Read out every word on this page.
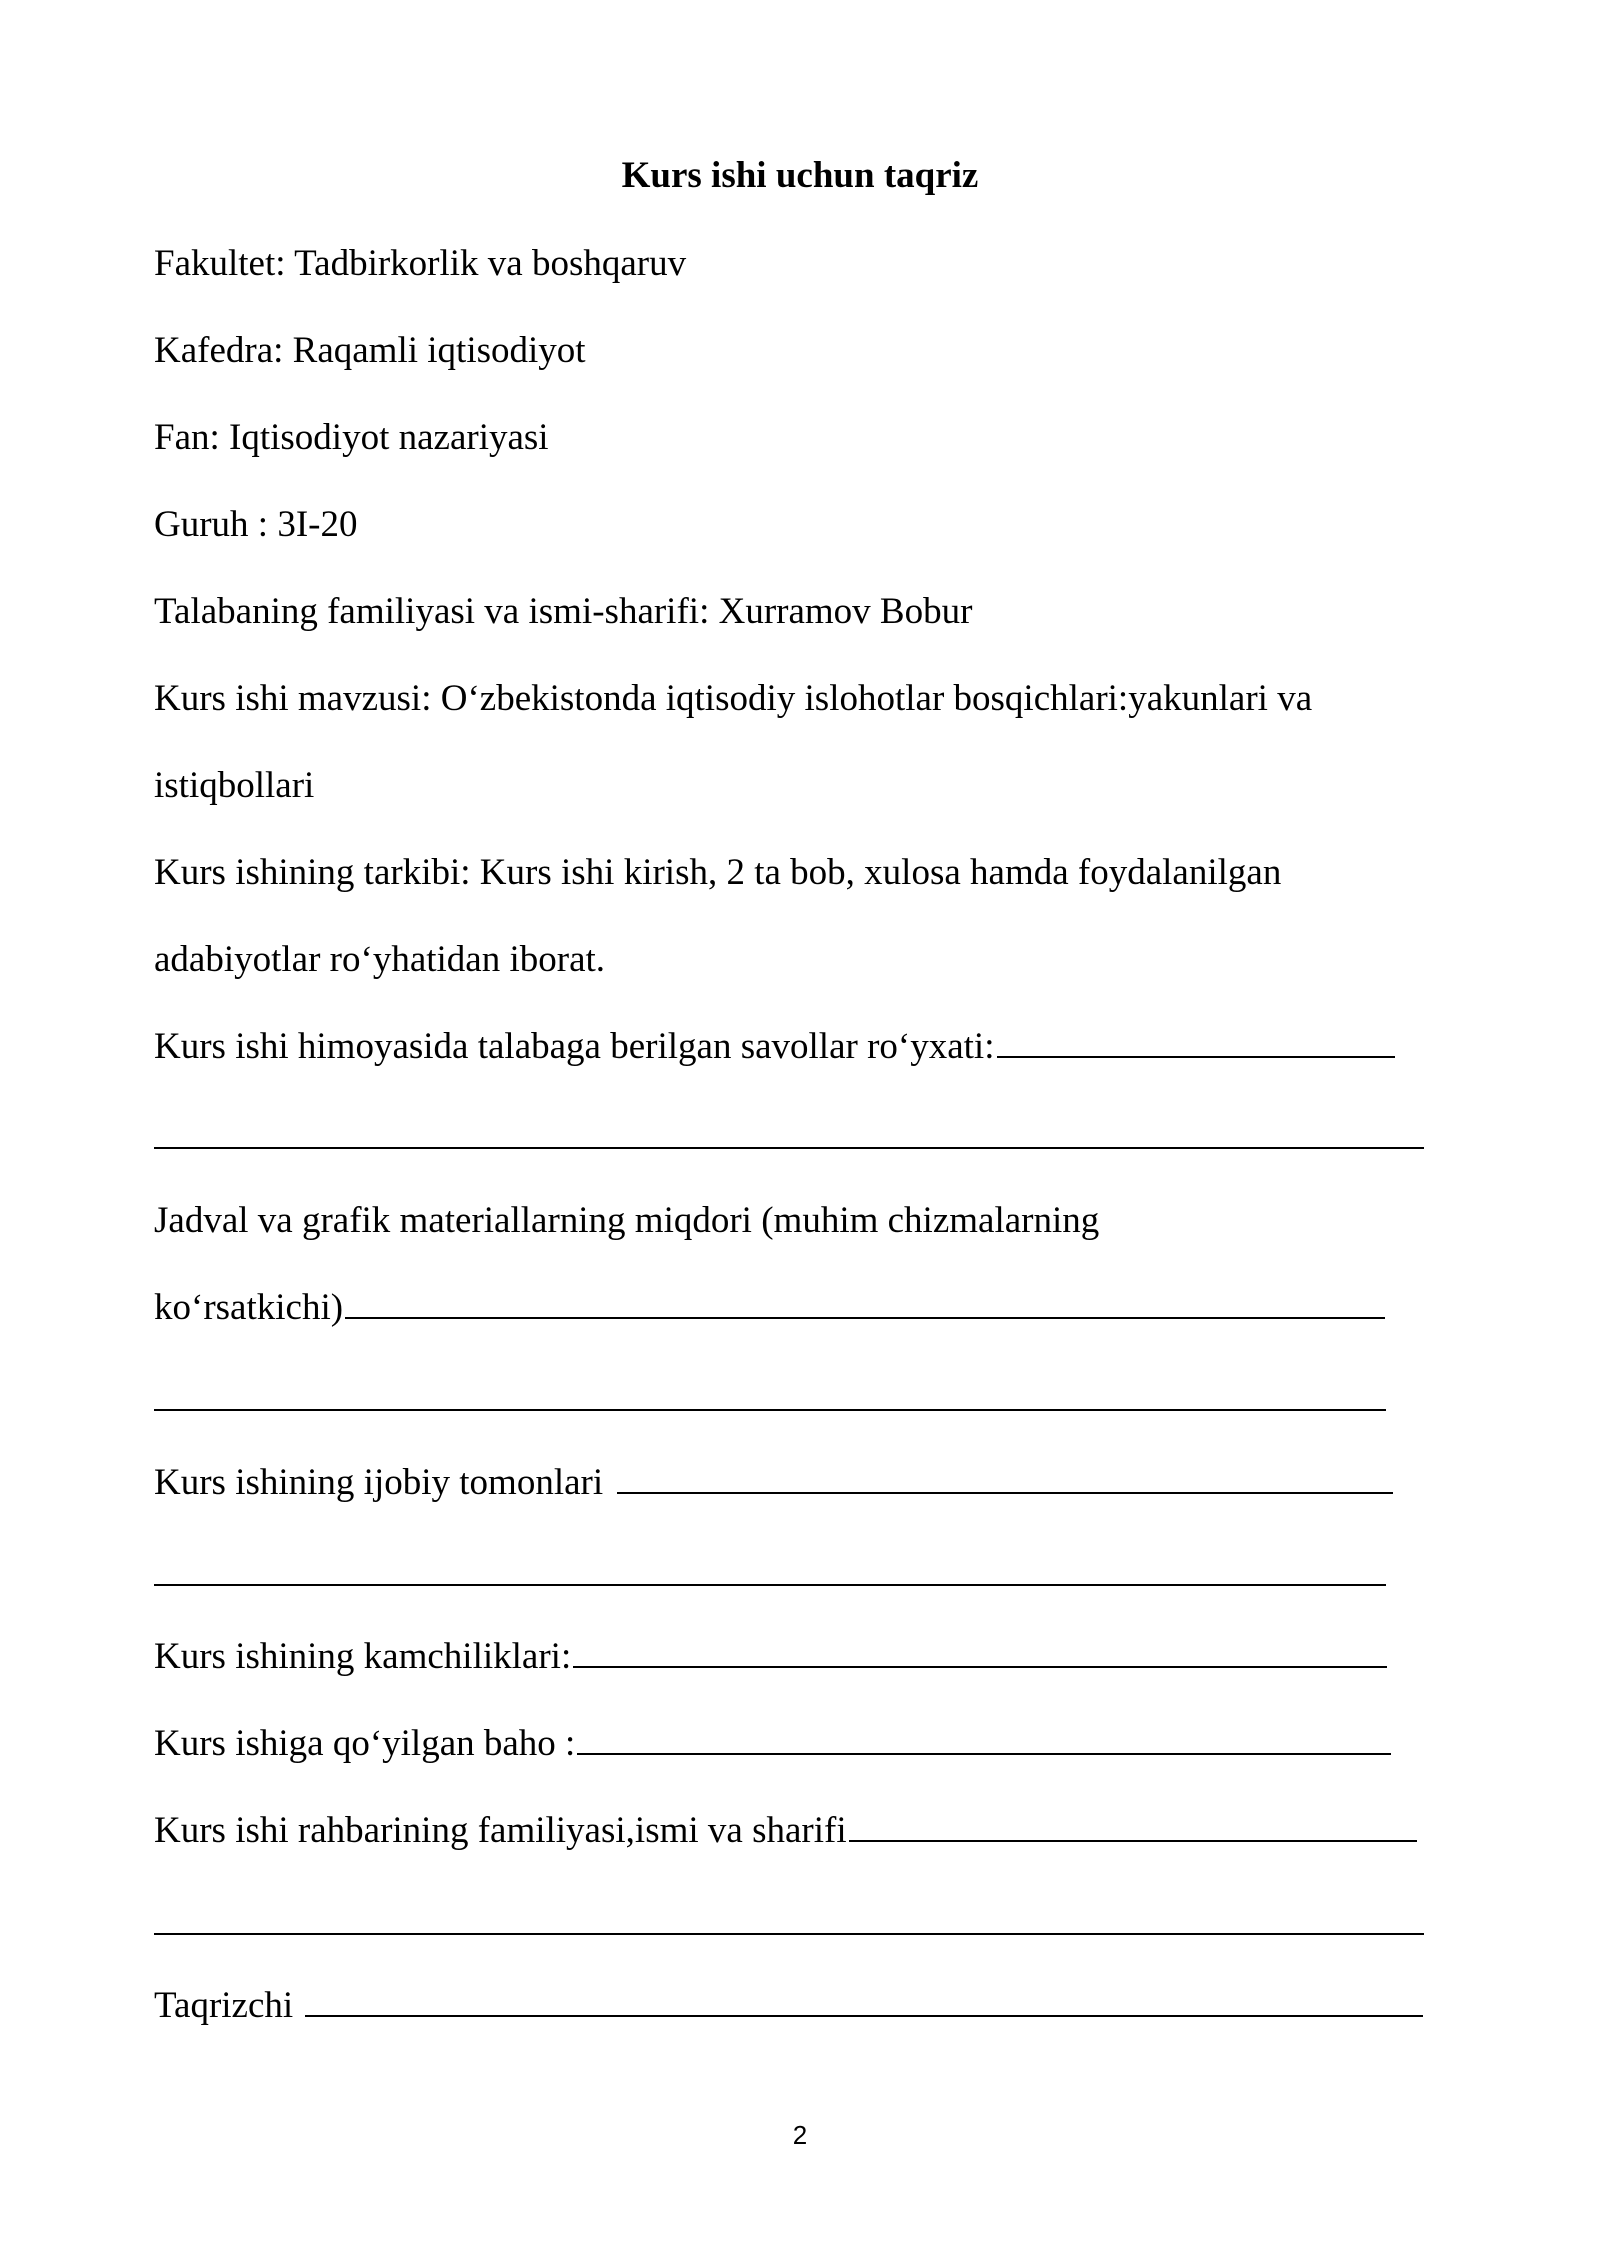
Kurs ishi uchun taqriz
Fakultet: Tadbirkorlik va boshqaruv
Kafedra: Raqamli iqtisodiyot
Fan: Iqtisodiyot nazariyasi
Guruh : 3I-20
Talabaning familiyasi va ismi-sharifi: Xurramov Bobur
Kurs ishi mavzusi: O‘zbekistonda iqtisodiy islohotlar bosqichlari:yakunlari va
istiqbollari
Kurs ishining tarkibi: Kurs ishi kirish, 2 ta bob, xulosa hamda foydalanilgan
adabiyotlar ro‘yhatidan iborat.
Kurs ishi himoyasida talabaga berilgan savollar ro‘yxati:
Jadval va grafik materiallarning miqdori (muhim chizmalarning
ko‘rsatkichi)
Kurs ishining ijobiy tomonlari
Kurs ishining kamchiliklari:
Kurs ishiga qo‘yilgan baho :
Kurs ishi rahbarining familiyasi,ismi va sharifi
Taqrizchi
2
